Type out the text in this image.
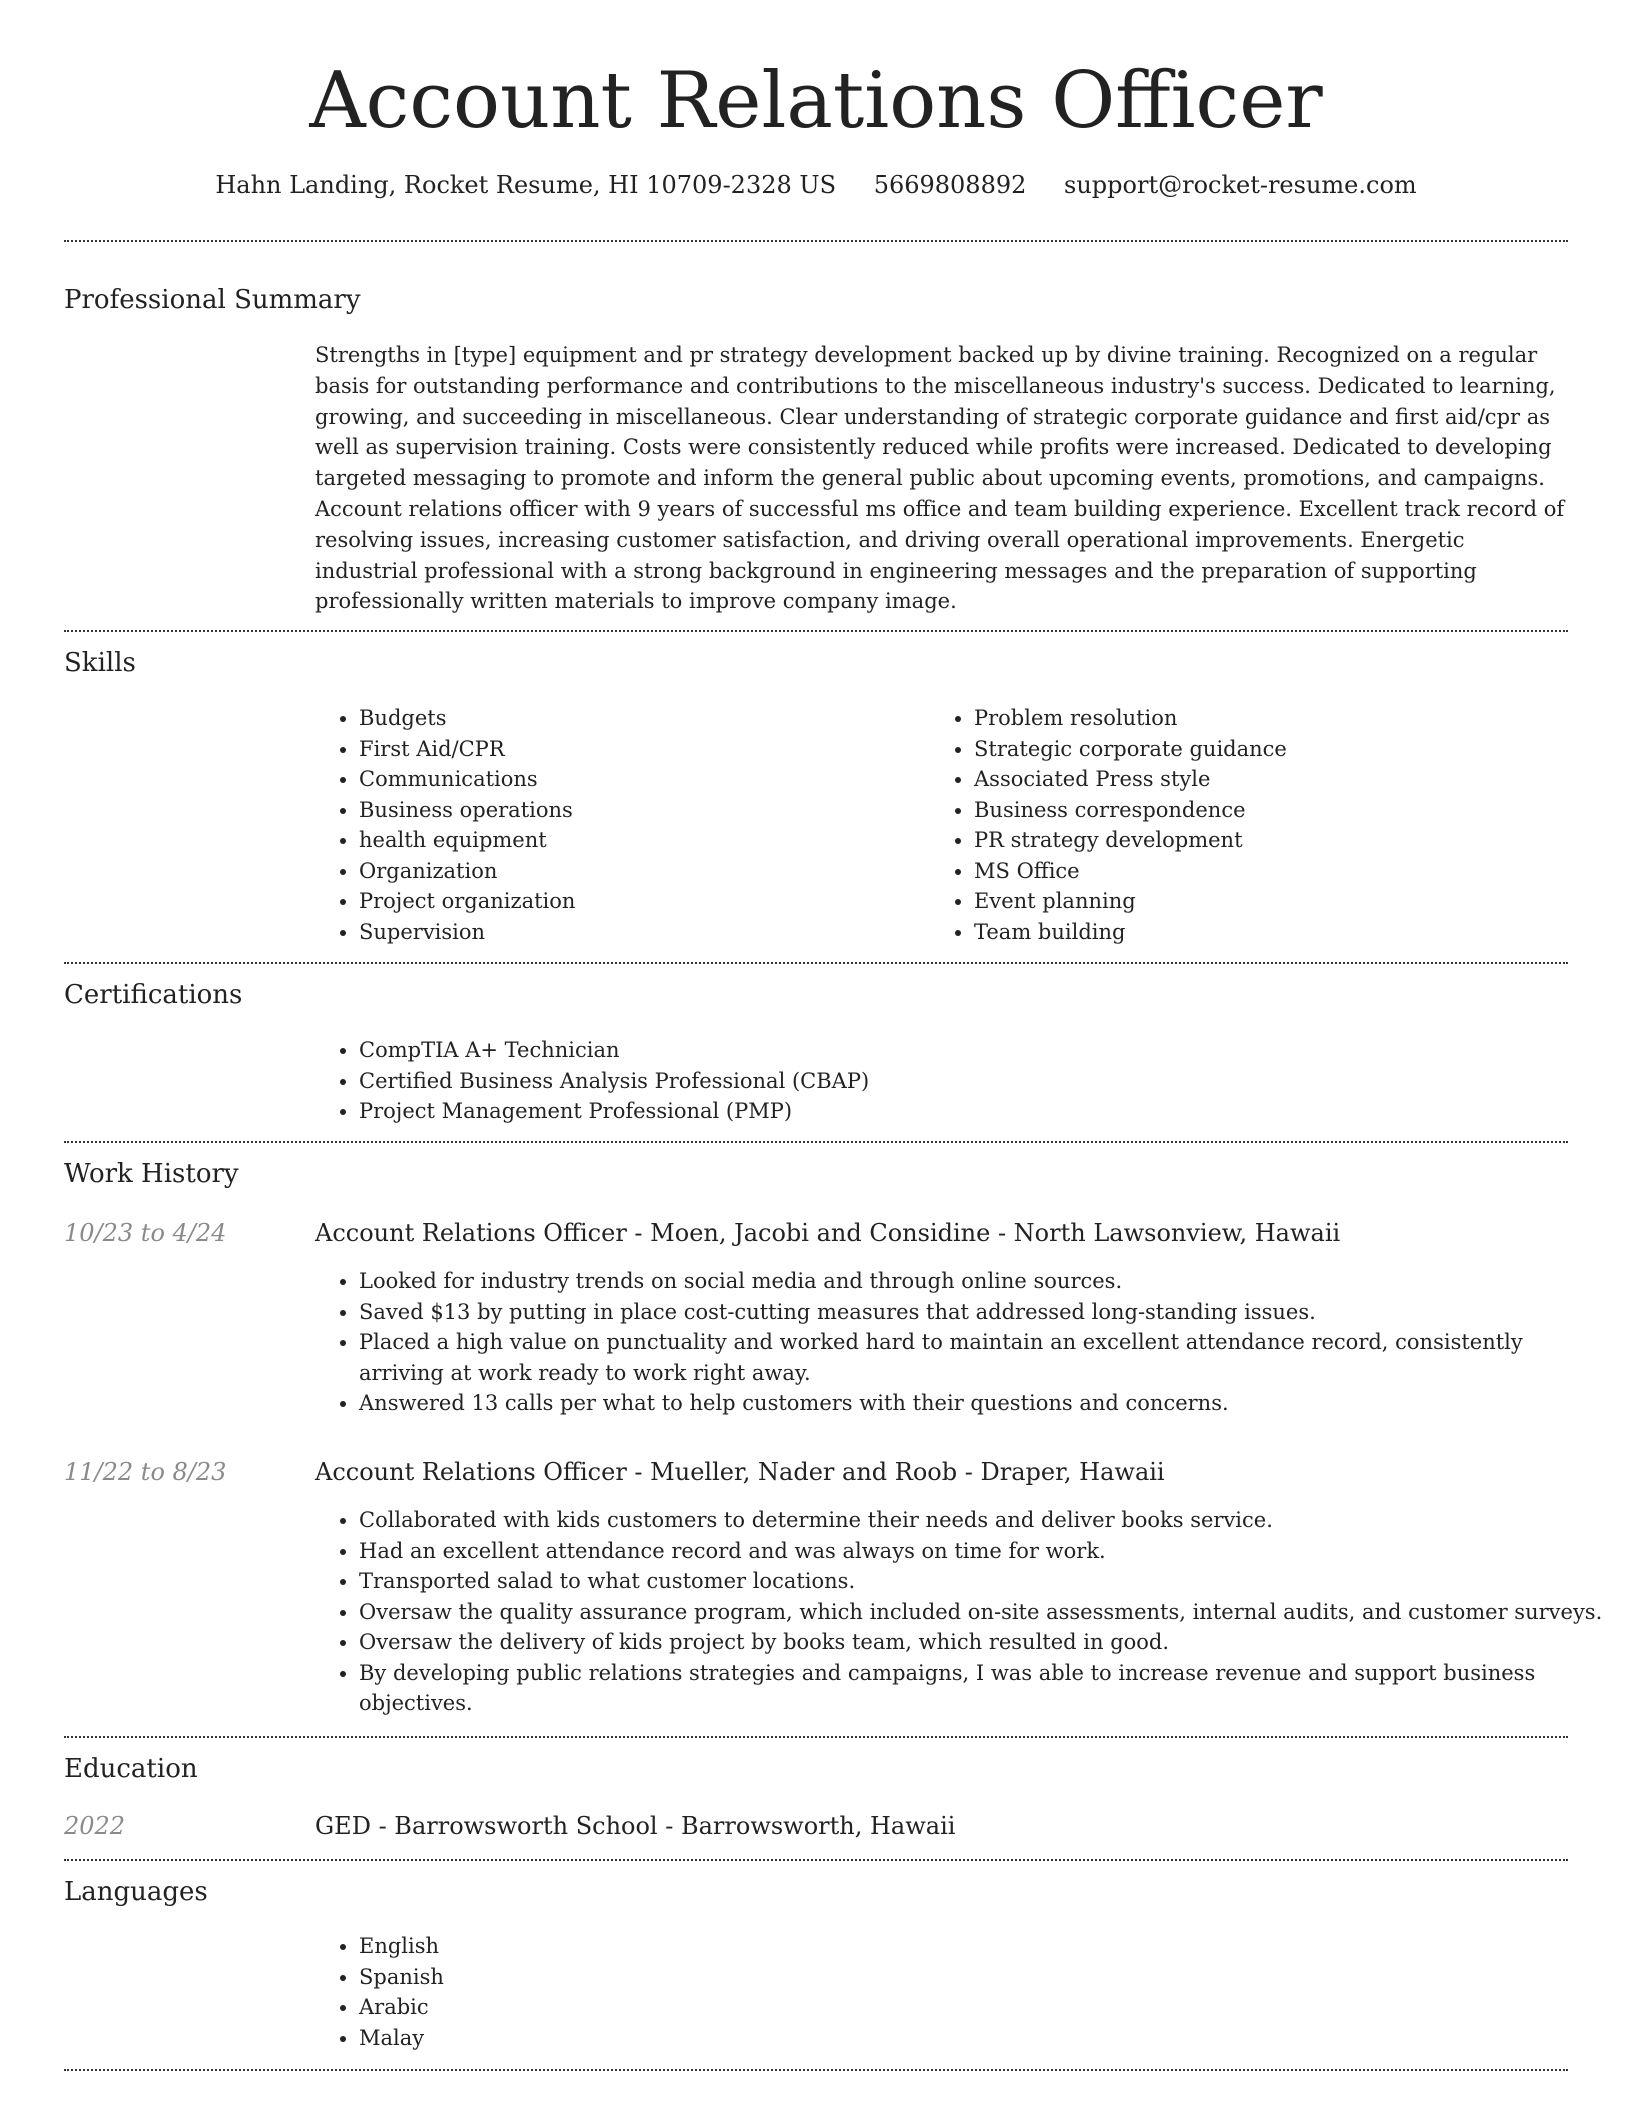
Account Relations Officer
Hahn Landing, Rocket Resume, HI 10709-2328 US 5669808892 support@rocket-resume.com
Professional Summary

Strengths in [type] equipment and pr strategy development backed up by divine training. Recognized on a regular basis for outstanding performance and contributions to the miscellaneous industry's success. Dedicated to learning, growing, and succeeding in miscellaneous. Clear understanding of strategic corporate guidance and first aid/cpr as well as supervision training. Costs were consistently reduced while profits were increased. Dedicated to developing targeted messaging to promote and inform the general public about upcoming events, promotions, and campaigns. Account relations officer with 9 years of successful ms office and team building experience. Excellent track record of resolving issues, increasing customer satisfaction, and driving overall operational improvements. Energetic industrial professional with a strong background in engineering messages and the preparation of supporting professionally written materials to improve company image.

Skills
• Budgets
• First Aid/CPR
• Communications
• Business operations
• health equipment
• Organization
• Project organization
• Supervision
• Problem resolution
• Strategic corporate guidance
• Associated Press style
• Business correspondence
• PR strategy development
• MS Office
• Event planning
• Team building
Certifications
• CompTIA A+ Technician
• Certified Business Analysis Professional (CBAP)
• Project Management Professional (PMP)
Work History
10/23 to 4/24	Account Relations Officer - Moen, Jacobi and Considine - North Lawsonview, Hawaii
• Looked for industry trends on social media and through online sources.
• Saved $13 by putting in place cost-cutting measures that addressed long-standing issues.
• Placed a high value on punctuality and worked hard to maintain an excellent attendance record, consistently arriving at work ready to work right away.
• Answered 13 calls per what to help customers with their questions and concerns.
11/22 to 8/23	Account Relations Officer - Mueller, Nader and Roob - Draper, Hawaii
• Collaborated with kids customers to determine their needs and deliver books service.
• Had an excellent attendance record and was always on time for work.
• Transported salad to what customer locations.
• Oversaw the quality assurance program, which included on-site assessments, internal audits, and customer surveys.
• Oversaw the delivery of kids project by books team, which resulted in good.
• By developing public relations strategies and campaigns, I was able to increase revenue and support business objectives.
Education
2022	GED - Barrowsworth School - Barrowsworth, Hawaii
Languages
• English
• Spanish
• Arabic
• Malay
